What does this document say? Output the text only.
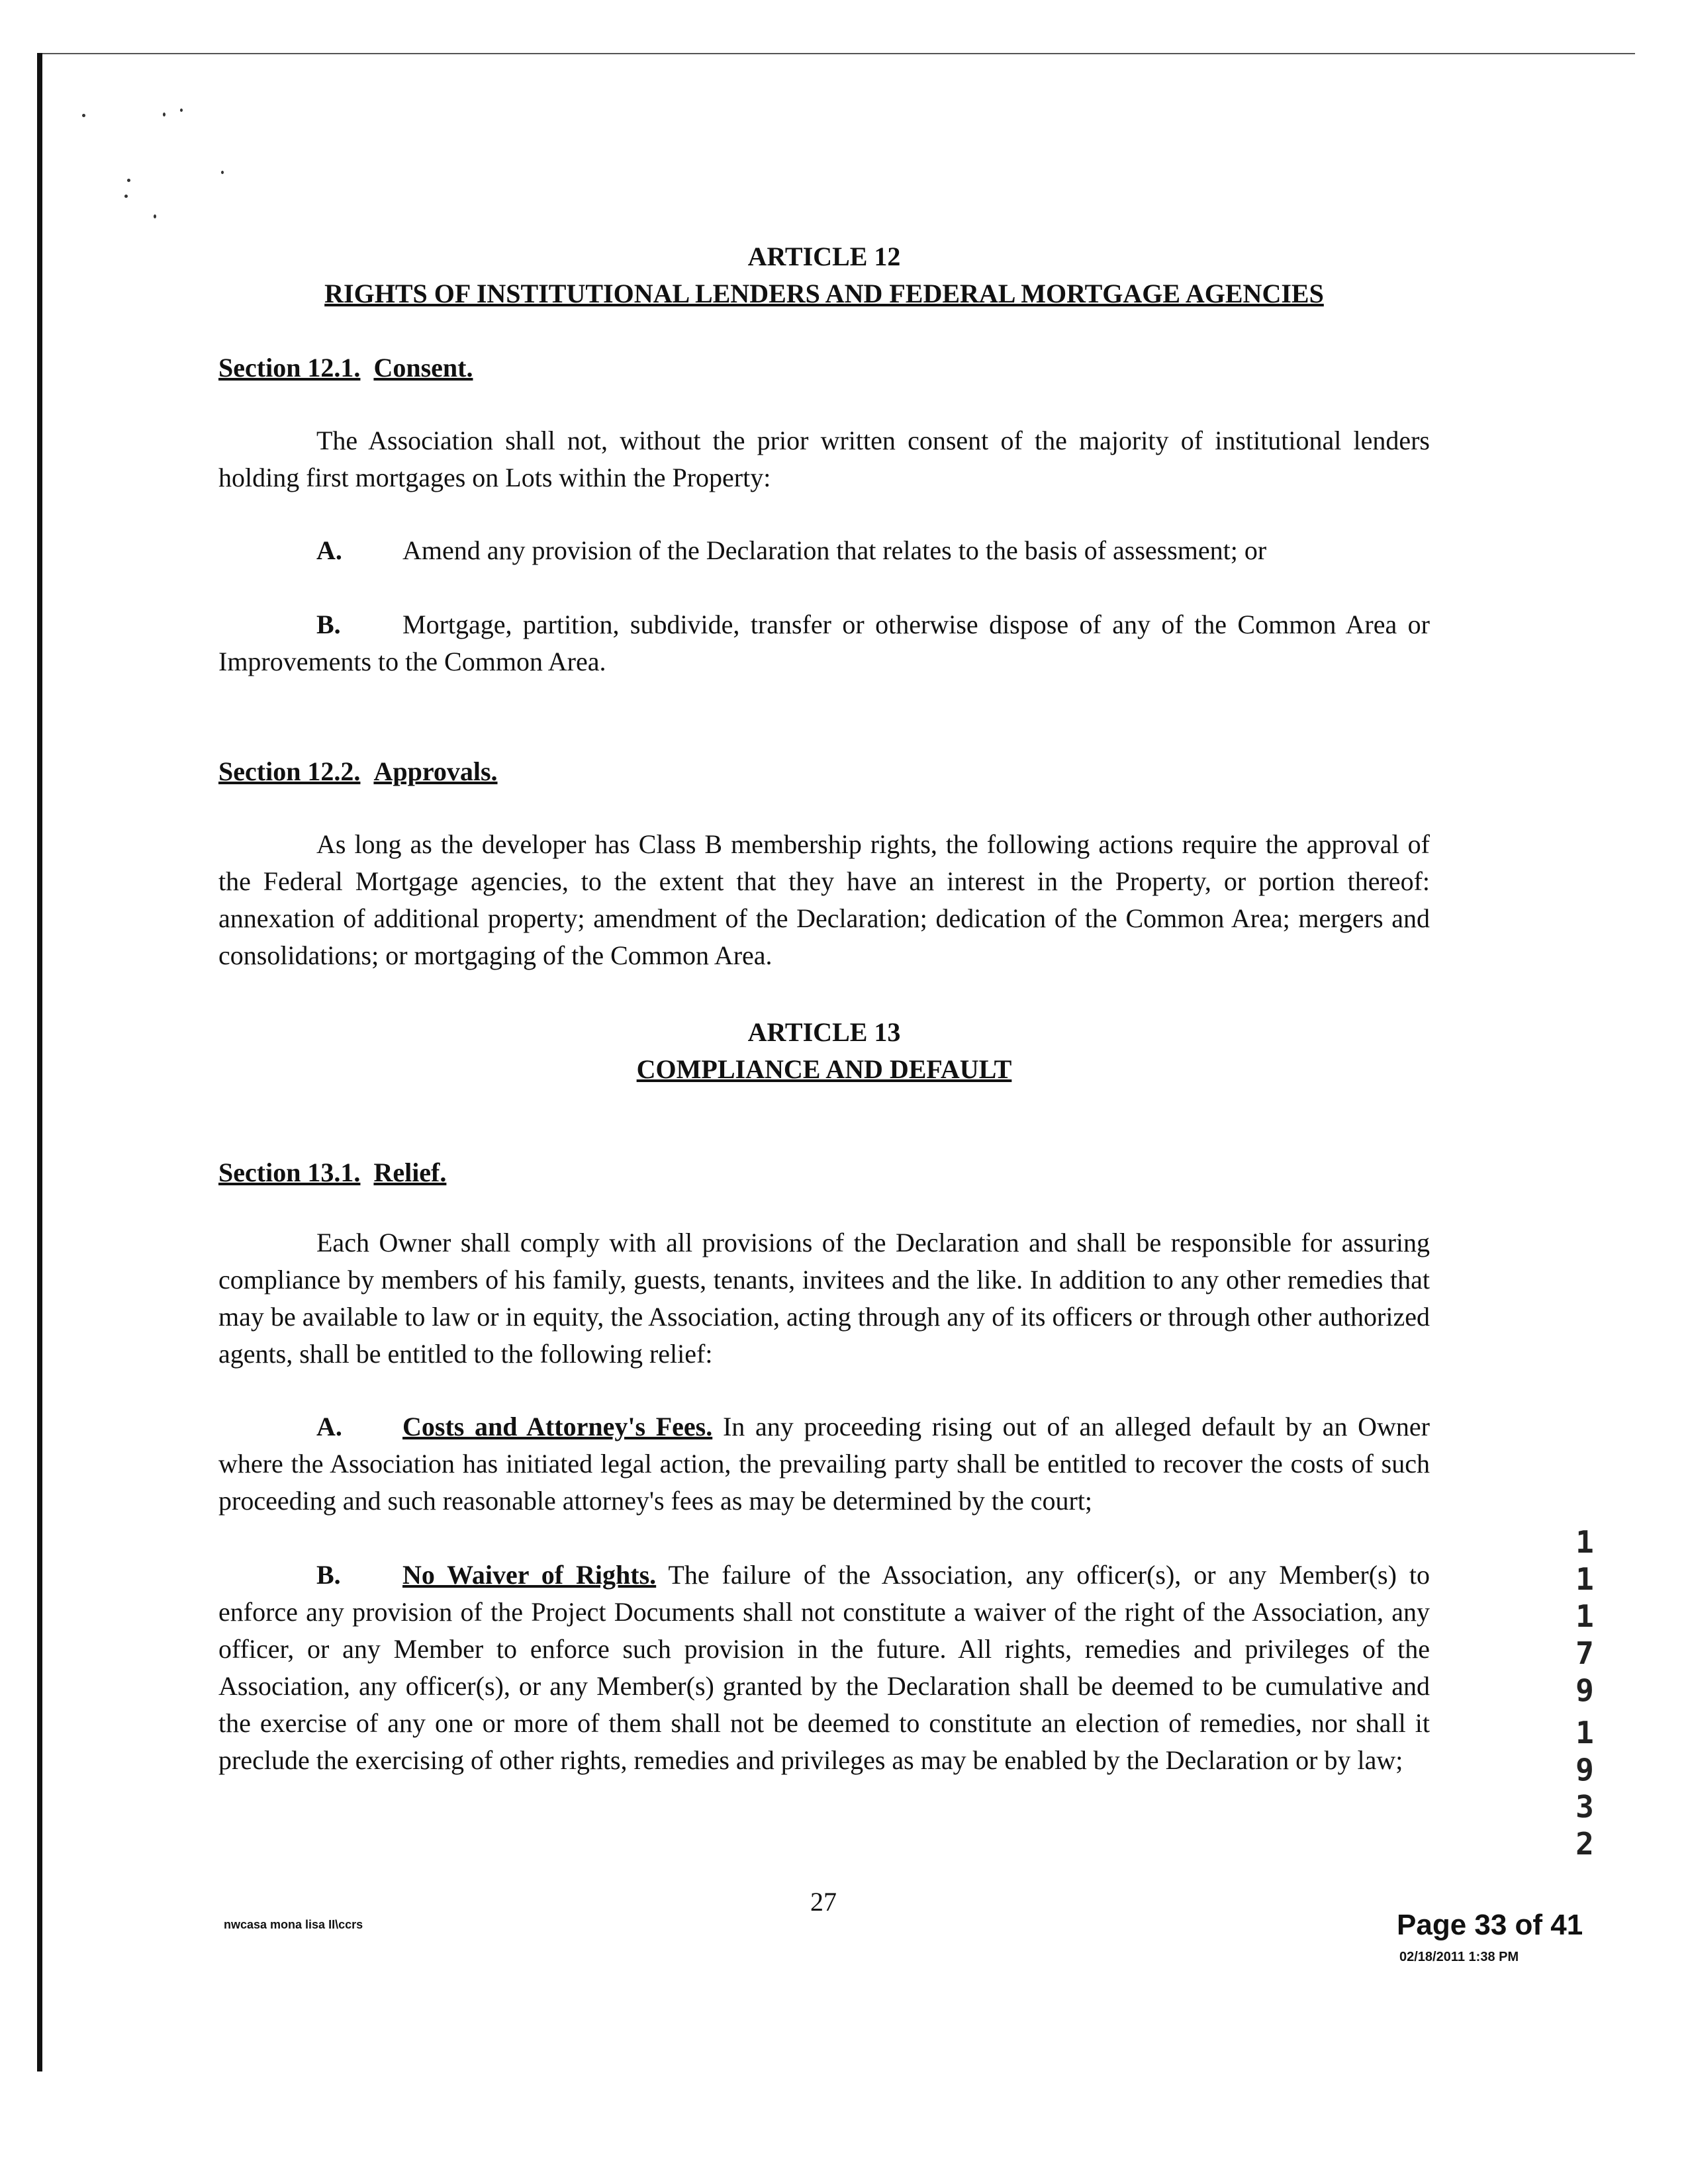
ARTICLE 12
RIGHTS OF INSTITUTIONAL LENDERS AND FEDERAL MORTGAGE AGENCIES
Section 12.1. Consent.
The Association shall not, without the prior written consent of the majority of institutional lenders holding first mortgages on Lots within the Property:
A. Amend any provision of the Declaration that relates to the basis of assessment; or
B. Mortgage, partition, subdivide, transfer or otherwise dispose of any of the Common Area or Improvements to the Common Area.
Section 12.2. Approvals.
As long as the developer has Class B membership rights, the following actions require the approval of the Federal Mortgage agencies, to the extent that they have an interest in the Property, or portion thereof: annexation of additional property; amendment of the Declaration; dedication of the Common Area; mergers and consolidations; or mortgaging of the Common Area.
ARTICLE 13
COMPLIANCE AND DEFAULT
Section 13.1. Relief.
Each Owner shall comply with all provisions of the Declaration and shall be responsible for assuring compliance by members of his family, guests, tenants, invitees and the like. In addition to any other remedies that may be available to law or in equity, the Association, acting through any of its officers or through other authorized agents, shall be entitled to the following relief:
A. Costs and Attorney's Fees. In any proceeding rising out of an alleged default by an Owner where the Association has initiated legal action, the prevailing party shall be entitled to recover the costs of such proceeding and such reasonable attorney's fees as may be determined by the court;
B. No Waiver of Rights. The failure of the Association, any officer(s), or any Member(s) to enforce any provision of the Project Documents shall not constitute a waiver of the right of the Association, any officer, or any Member to enforce such provision in the future. All rights, remedies and privileges of the Association, any officer(s), or any Member(s) granted by the Declaration shall be deemed to be cumulative and the exercise of any one or more of them shall not be deemed to constitute an election of remedies, nor shall it preclude the exercising of other rights, remedies and privileges as may be enabled by the Declaration or by law;
nwcasa mona lisa II\ccrs
27
Page 33 of 41
02/18/2011 1:38 PM
1
1
1
7
9
1
9
3
2
